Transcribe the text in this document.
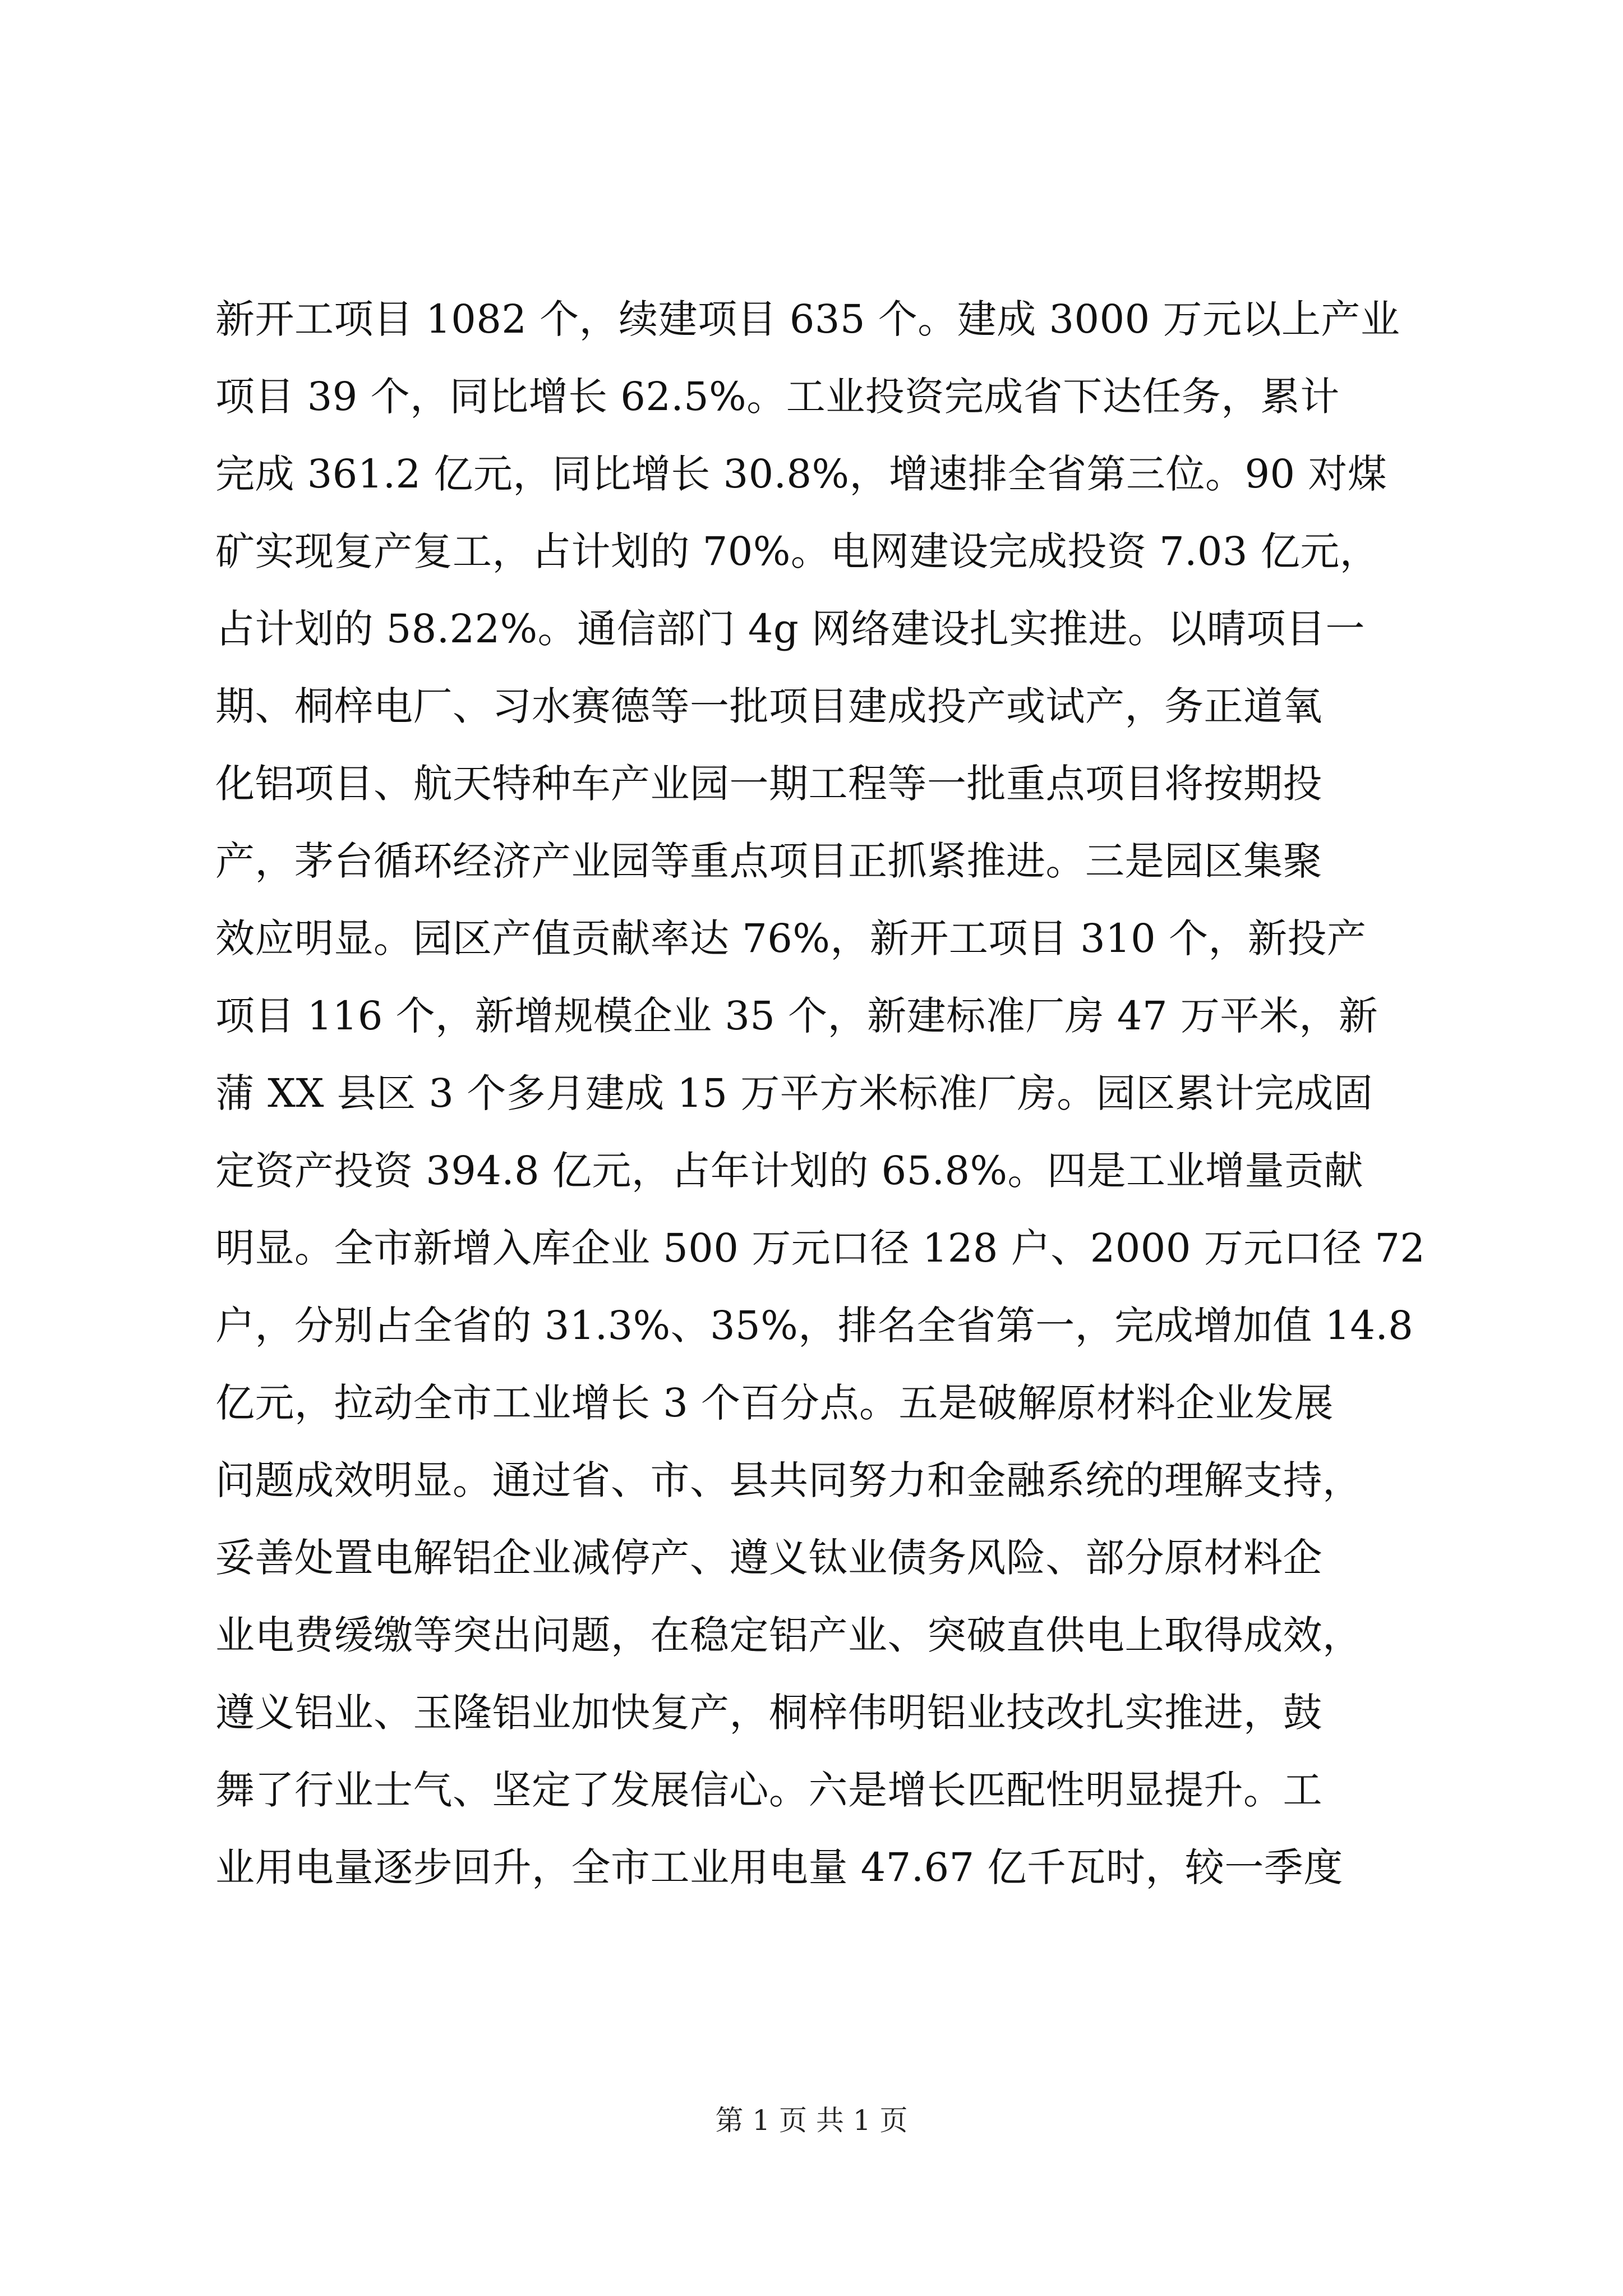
新开工项目 1082 个，续建项目 635 个。建成 3000 万元以上产业
项目 39 个，同比增长 62.5%。工业投资完成省下达任务，累计
完成 361.2 亿元，同比增长 30.8%，增速排全省第三位。90 对煤
矿实现复产复工，占计划的 70%。电网建设完成投资 7.03 亿元，
占计划的 58.22%。通信部门 4g 网络建设扎实推进。以晴项目一
期、桐梓电厂、习水赛德等一批项目建成投产或试产，务正道氧
化铝项目、航天特种车产业园一期工程等一批重点项目将按期投
产，茅台循环经济产业园等重点项目正抓紧推进。三是园区集聚
效应明显。园区产值贡献率达 76%，新开工项目 310 个，新投产
项目 116 个，新增规模企业 35 个，新建标准厂房 47 万平米，新
蒲 XX 县区 3 个多月建成 15 万平方米标准厂房。园区累计完成固
定资产投资 394.8 亿元，占年计划的 65.8%。四是工业增量贡献
明显。全市新增入库企业 500 万元口径 128 户、2000 万元口径 72
户，分别占全省的 31.3%、35%，排名全省第一，完成增加值 14.8
亿元，拉动全市工业增长 3 个百分点。五是破解原材料企业发展
问题成效明显。通过省、市、县共同努力和金融系统的理解支持，
妥善处置电解铝企业减停产、遵义钛业债务风险、部分原材料企
业电费缓缴等突出问题，在稳定铝产业、突破直供电上取得成效，
遵义铝业、玉隆铝业加快复产，桐梓伟明铝业技改扎实推进，鼓
舞了行业士气、坚定了发展信心。六是增长匹配性明显提升。工
业用电量逐步回升，全市工业用电量 47.67 亿千瓦时，较一季度
第 1 页 共 1 页
